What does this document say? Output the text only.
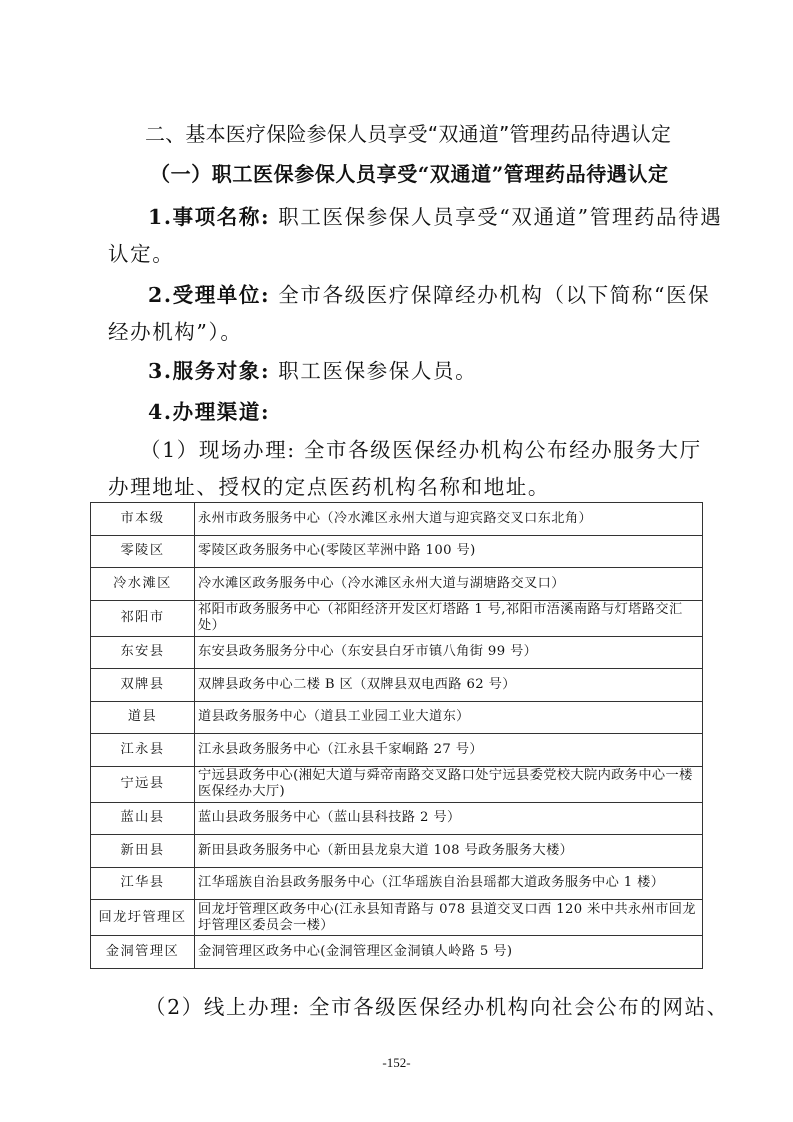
二、基本医疗保险参保人员享受“双通道”管理药品待遇认定
（一）职工医保参保人员享受“双通道”管理药品待遇认定
1.事项名称: 职工医保参保人员享受“双通道”管理药品待遇
认定。
2.受理单位: 全市各级医疗保障经办机构（以下简称“医保
经办机构”）。
3.服务对象: 职工医保参保人员。
4.办理渠道:
（1）现场办理: 全市各级医保经办机构公布经办服务大厅
办理地址、授权的定点医药机构名称和地址。
市本级	永州市政务服务中心（冷水滩区永州大道与迎宾路交叉口东北角）
零陵区	零陵区政务服务中心(零陵区苹洲中路 100 号)
冷水滩区	冷水滩区政务服务中心（冷水滩区永州大道与湖塘路交叉口）
祁阳市	祁阳市政务服务中心（祁阳经济开发区灯塔路 1 号,祁阳市浯溪南路与灯塔路交汇处）
东安县	东安县政务服务分中心（东安县白牙市镇八角街 99 号）
双牌县	双牌县政务中心二楼 B 区（双牌县双电西路 62 号）
道县	道县政务服务中心（道县工业园工业大道东）
江永县	江永县政务服务中心（江永县千家峒路 27 号）
宁远县	宁远县政务中心(湘妃大道与舜帝南路交叉路口处宁远县委党校大院内政务中心一楼医保经办大厅)
蓝山县	蓝山县政务服务中心（蓝山县科技路 2 号）
新田县	新田县政务服务中心（新田县龙泉大道 108 号政务服务大楼）
江华县	江华瑶族自治县政务服务中心（江华瑶族自治县瑶都大道政务服务中心 1 楼）
回龙圩管理区	回龙圩管理区政务中心(江永县知青路与 078 县道交叉口西 120 米中共永州市回龙圩管理区委员会一楼）
金洞管理区	金洞管理区政务中心(金洞管理区金洞镇人岭路 5 号)
（2）线上办理: 全市各级医保经办机构向社会公布的网站、
-152-
